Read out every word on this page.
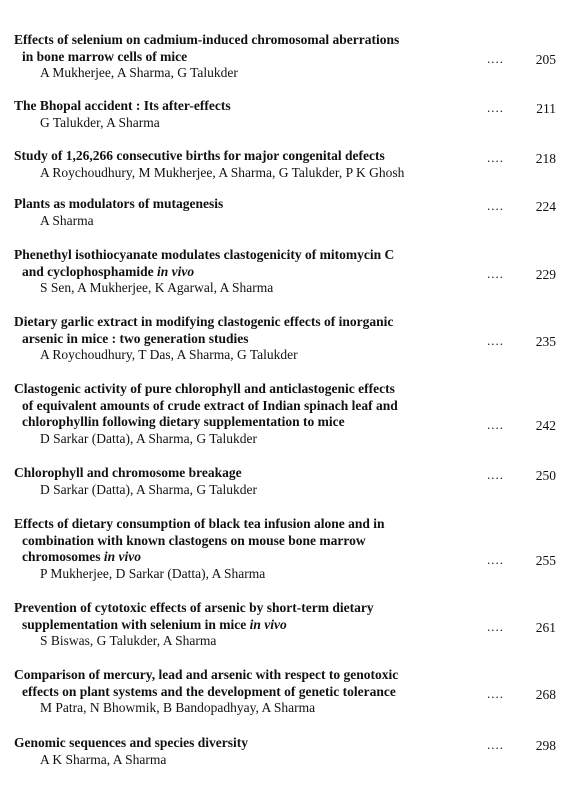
Effects of selenium on cadmium-induced chromosomal aberrations
in bone marrow cells of mice
A Mukherjee, A Sharma, G Talukder
.... 205
The Bhopal accident : Its after-effects
G Talukder, A Sharma
.... 211
Study of 1,26,266 consecutive births for major congenital defects
A Roychoudhury, M Mukherjee, A Sharma, G Talukder, P K Ghosh
.... 218
Plants as modulators of mutagenesis
A Sharma
.... 224
Phenethyl isothiocyanate modulates clastogenicity of mitomycin C
and cyclophosphamide in vivo
S Sen, A Mukherjee, K Agarwal, A Sharma
.... 229
Dietary garlic extract in modifying clastogenic effects of inorganic
arsenic in mice : two generation studies
A Roychoudhury, T Das, A Sharma, G Talukder
.... 235
Clastogenic activity of pure chlorophyll and anticlastogenic effects
of equivalent amounts of crude extract of Indian spinach leaf and
chlorophyllin following dietary supplementation to mice
D Sarkar (Datta), A Sharma, G Talukder
.... 242
Chlorophyll and chromosome breakage
D Sarkar (Datta), A Sharma, G Talukder
.... 250
Effects of dietary consumption of black tea infusion alone and in
combination with known clastogens on mouse bone marrow
chromosomes in vivo
P Mukherjee, D Sarkar (Datta), A Sharma
.... 255
Prevention of cytotoxic effects of arsenic by short-term dietary
supplementation with selenium in mice in vivo
S Biswas, G Talukder, A Sharma
.... 261
Comparison of mercury, lead and arsenic with respect to genotoxic
effects on plant systems and the development of genetic tolerance
M Patra, N Bhowmik, B Bandopadhyay, A Sharma
.... 268
Genomic sequences and species diversity
A K Sharma, A Sharma
.... 298
